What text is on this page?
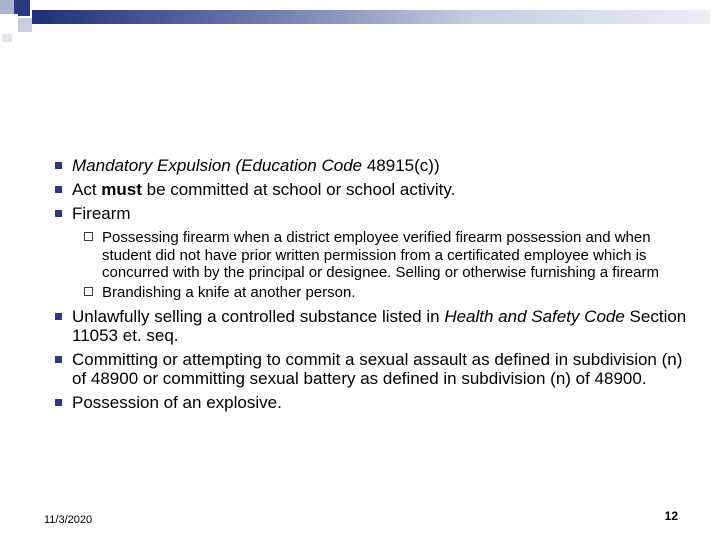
Mandatory Expulsion (Education Code 48915(c))
Act must be committed at school or school activity.
Firearm
Possessing firearm when a district employee verified firearm possession and when student did not have prior written permission from a certificated employee which is concurred with by the principal or designee. Selling or otherwise furnishing a firearm
Brandishing a knife at another person.
Unlawfully selling a controlled substance listed in Health and Safety Code Section 11053 et. seq.
Committing or attempting to commit a sexual assault as defined in subdivision (n) of 48900 or committing sexual battery as defined in subdivision (n) of 48900.
Possession of an explosive.
11/3/2020	12
